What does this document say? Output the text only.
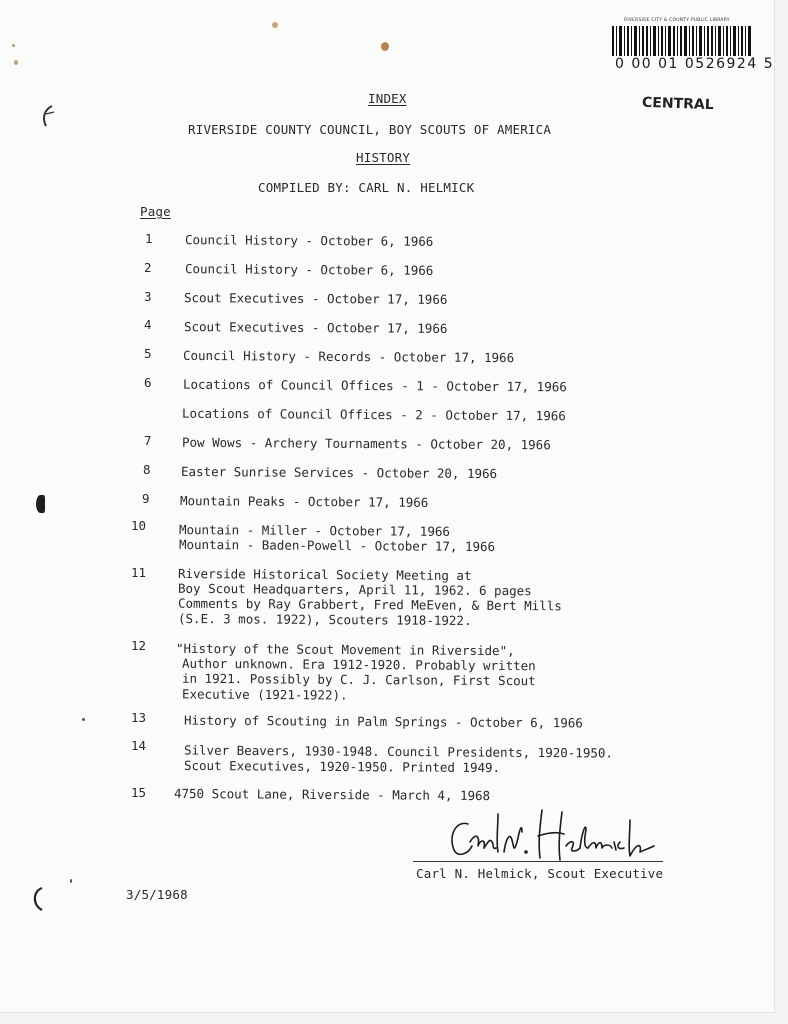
RIVERSIDE CITY & COUNTY PUBLIC LIBRARY
0 00 01 0526924 5
CENTRAL
INDEX
RIVERSIDE COUNTY COUNCIL, BOY SCOUTS OF AMERICA
HISTORY
COMPILED BY: CARL N. HELMICK
Page
1	Council History - October 6, 1966
2	Council History - October 6, 1966
3	Scout Executives - October 17, 1966
4	Scout Executives - October 17, 1966
5	Council History - Records - October 17, 1966
6	Locations of Council Offices - 1 - October 17, 1966
Locations of Council Offices - 2 - October 17, 1966
7 Pow Wows - Archery Tournaments - October 20, 1966
8 Easter Sunrise Services - October 20, 1966
9 Mountain Peaks - October 17, 1966
10	Mountain - Miller - October 17, 1966
Mountain - Baden-Powell - October 17, 1966
11	Riverside Historical Society Meeting at
Boy Scout Headquarters, April 11, 1962. 6 pages
Comments by Ray Grabbert, Fred MeEven, & Bert Mills
(S.E. 3 mos. 1922), Scouters 1918-1922.
12 "History of the Scout Movement in Riverside",
Author unknown. Era 1912-1920. Probably written
in 1921. Possibly by C. J. Carlson, First Scout
Executive (1921-1922).
13	History of Scouting in Palm Springs - October 6, 1966
14	Silver Beavers, 1930-1948. Council Presidents, 1920-1950.
Scout Executives, 1920-1950. Printed 1949.
15 4750 Scout Lane, Riverside - March 4, 1968
Carl N. Helmick, Scout Executive
3/5/1968
